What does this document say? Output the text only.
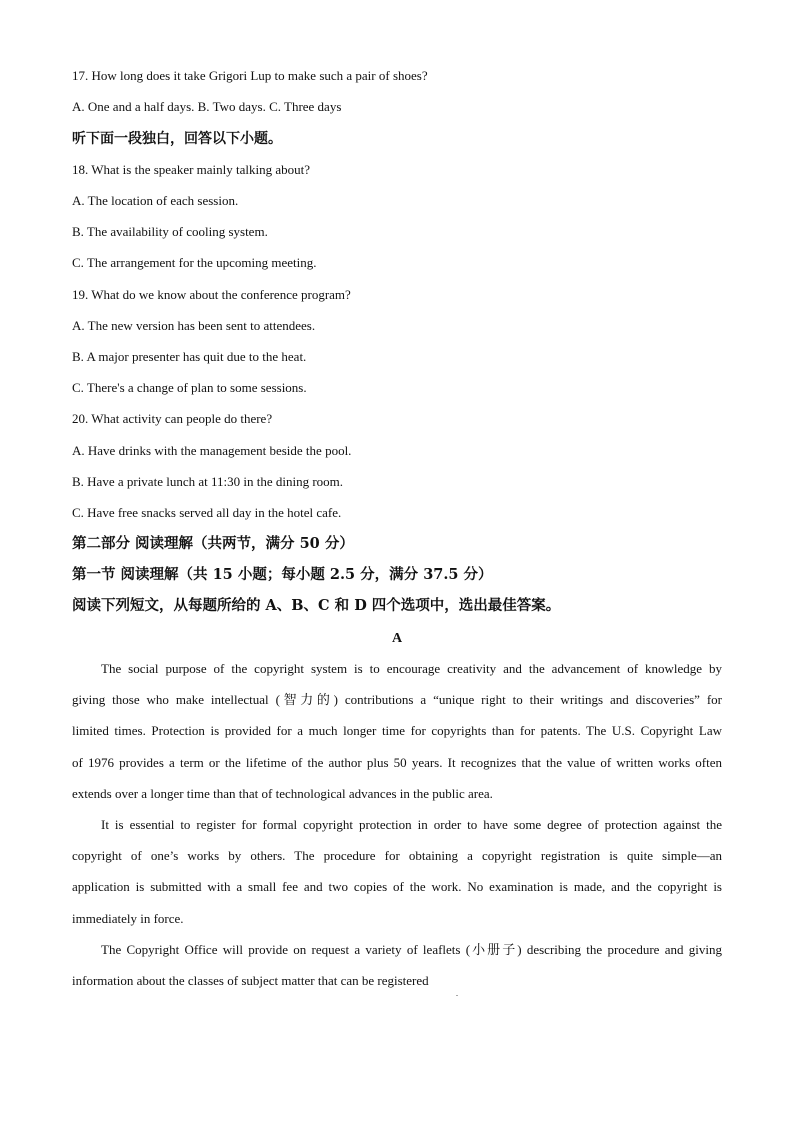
17. How long does it take Grigori Lup to make such a pair of shoes?
A. One and a half days. B. Two days. C. Three days
听下面一段独白，回答以下小题。
18. What is the speaker mainly talking about?
A. The location of each session.
B. The availability of cooling system.
C. The arrangement for the upcoming meeting.
19. What do we know about the conference program?
A. The new version has been sent to attendees.
B. A major presenter has quit due to the heat.
C. There's a change of plan to some sessions.
20. What activity can people do there?
A. Have drinks with the management beside the pool.
B. Have a private lunch at 11:30 in the dining room.
C. Have free snacks served all day in the hotel cafe.
第二部分 阅读理解（共两节，满分 50 分）
第一节 阅读理解（共 15 小题；每小题 2.5 分，满分 37.5 分）
阅读下列短文，从每题所给的 A、B、C 和 D 四个选项中，选出最佳答案。
A
The social purpose of the copyright system is to encourage creativity and the advancement of knowledge by
giving those who make intellectual (智力的) contributions a “unique right to their writings and discoveries” for
limited times. Protection is provided for a much longer time for copyrights than for patents. The U.S. Copyright Law
of 1976 provides a term or the lifetime of the author plus 50 years. It recognizes that the value of written works often
extends over a longer time than that of technological advances in the public area.
It is essential to register for formal copyright protection in order to have some degree of protection against the
copyright of one’s works by others. The procedure for obtaining a copyright registration is quite simple—an
application is submitted with a small fee and two copies of the work. No examination is made, and the copyright is
immediately in force.
The Copyright Office will provide on request a variety of leaflets (小册子) describing the procedure and giving
information about the classes of subject matter that can be registered
.
